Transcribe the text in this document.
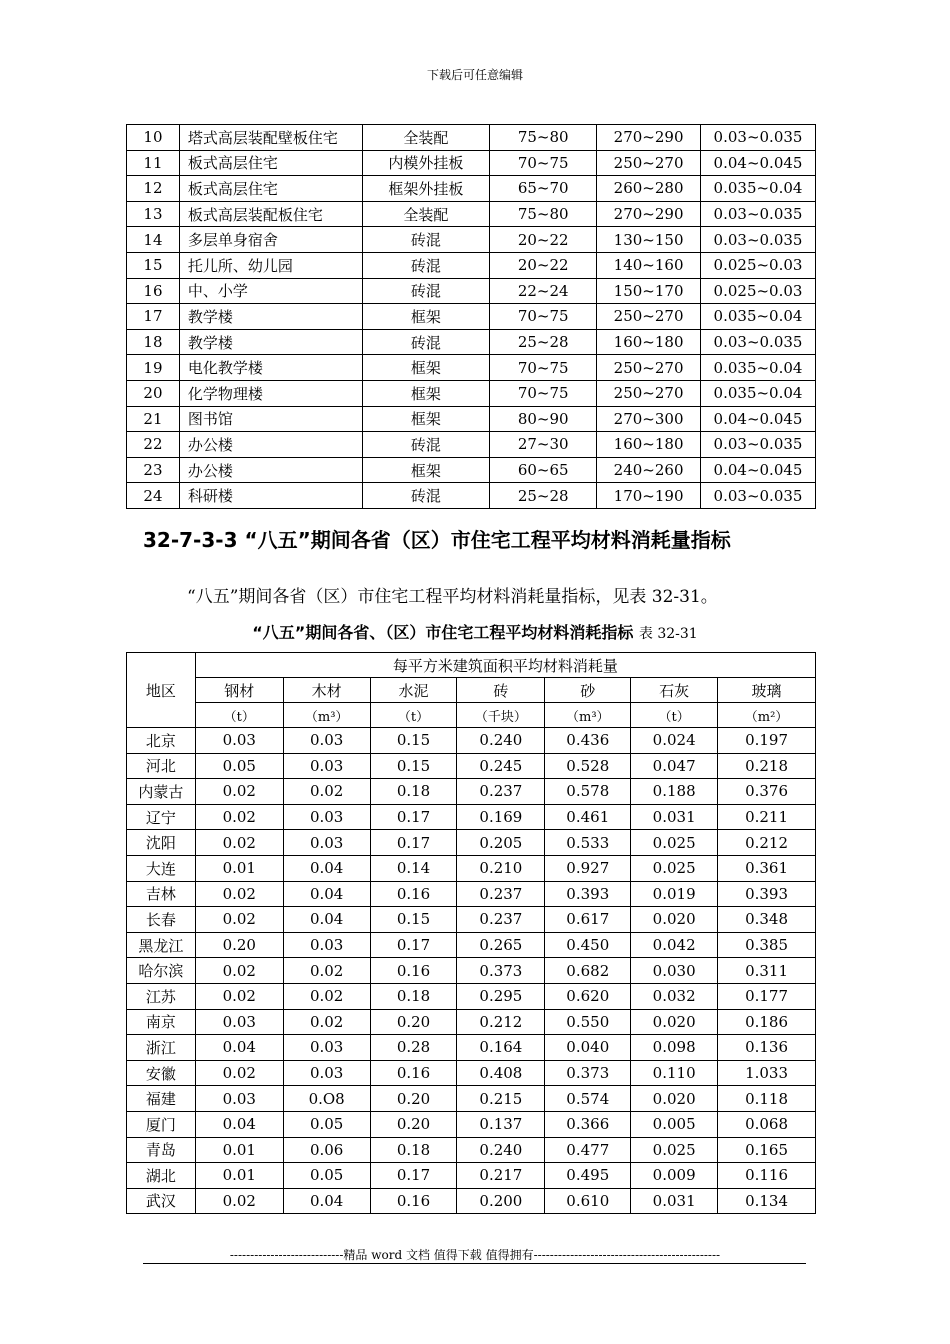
下载后可任意编辑
10	塔式高层装配壁板住宅	全装配	75~80	270~290	0.03~0.035
11	板式高层住宅	内模外挂板	70~75	250~270	0.04~0.045
12	板式高层住宅	框架外挂板	65~70	260~280	0.035~0.04
13	板式高层装配板住宅	全装配	75~80	270~290	0.03~0.035
14	多层单身宿舍	砖混	20~22	130~150	0.03~0.035
15	托儿所、幼儿园	砖混	20~22	140~160	0.025~0.03
16	中、小学	砖混	22~24	150~170	0.025~0.03
17	教学楼	框架	70~75	250~270	0.035~0.04
18	教学楼	砖混	25~28	160~180	0.03~0.035
19	电化教学楼	框架	70~75	250~270	0.035~0.04
20	化学物理楼	框架	70~75	250~270	0.035~0.04
21	图书馆	框架	80~90	270~300	0.04~0.045
22	办公楼	砖混	27~30	160~180	0.03~0.035
23	办公楼	框架	60~65	240~260	0.04~0.045
24	科研楼	砖混	25~28	170~190	0.03~0.035
32-7-3-3 “八五”期间各省（区）市住宅工程平均材料消耗量指标
“八五”期间各省（区）市住宅工程平均材料消耗量指标，见表 32-31。
“八五”期间各省、（区）市住宅工程平均材料消耗指标 表 32-31
地区	每平方米建筑面积平均材料消耗量						
	钢材	木材	水泥	砖	砂	石灰	玻璃
	（t）	（m³）	（t）	（千块）	（m³）	（t）	（m²）
北京	0.03	0.03	0.15	0.240	0.436	0.024	0.197
河北	0.05	0.03	0.15	0.245	0.528	0.047	0.218
内蒙古	0.02	0.02	0.18	0.237	0.578	0.188	0.376
辽宁	0.02	0.03	0.17	0.169	0.461	0.031	0.211
沈阳	0.02	0.03	0.17	0.205	0.533	0.025	0.212
大连	0.01	0.04	0.14	0.210	0.927	0.025	0.361
吉林	0.02	0.04	0.16	0.237	0.393	0.019	0.393
长春	0.02	0.04	0.15	0.237	0.617	0.020	0.348
黑龙江	0.20	0.03	0.17	0.265	0.450	0.042	0.385
哈尔滨	0.02	0.02	0.16	0.373	0.682	0.030	0.311
江苏	0.02	0.02	0.18	0.295	0.620	0.032	0.177
南京	0.03	0.02	0.20	0.212	0.550	0.020	0.186
浙江	0.04	0.03	0.28	0.164	0.040	0.098	0.136
安徽	0.02	0.03	0.16	0.408	0.373	0.110	1.033
福建	0.03	0.O8	0.20	0.215	0.574	0.020	0.118
厦门	0.04	0.05	0.20	0.137	0.366	0.005	0.068
青岛	0.01	0.06	0.18	0.240	0.477	0.025	0.165
湖北	0.01	0.05	0.17	0.217	0.495	0.009	0.116
武汉	0.02	0.04	0.16	0.200	0.610	0.031	0.134
----------------------------精品 word 文档 值得下载 值得拥有----------------------------------------------
